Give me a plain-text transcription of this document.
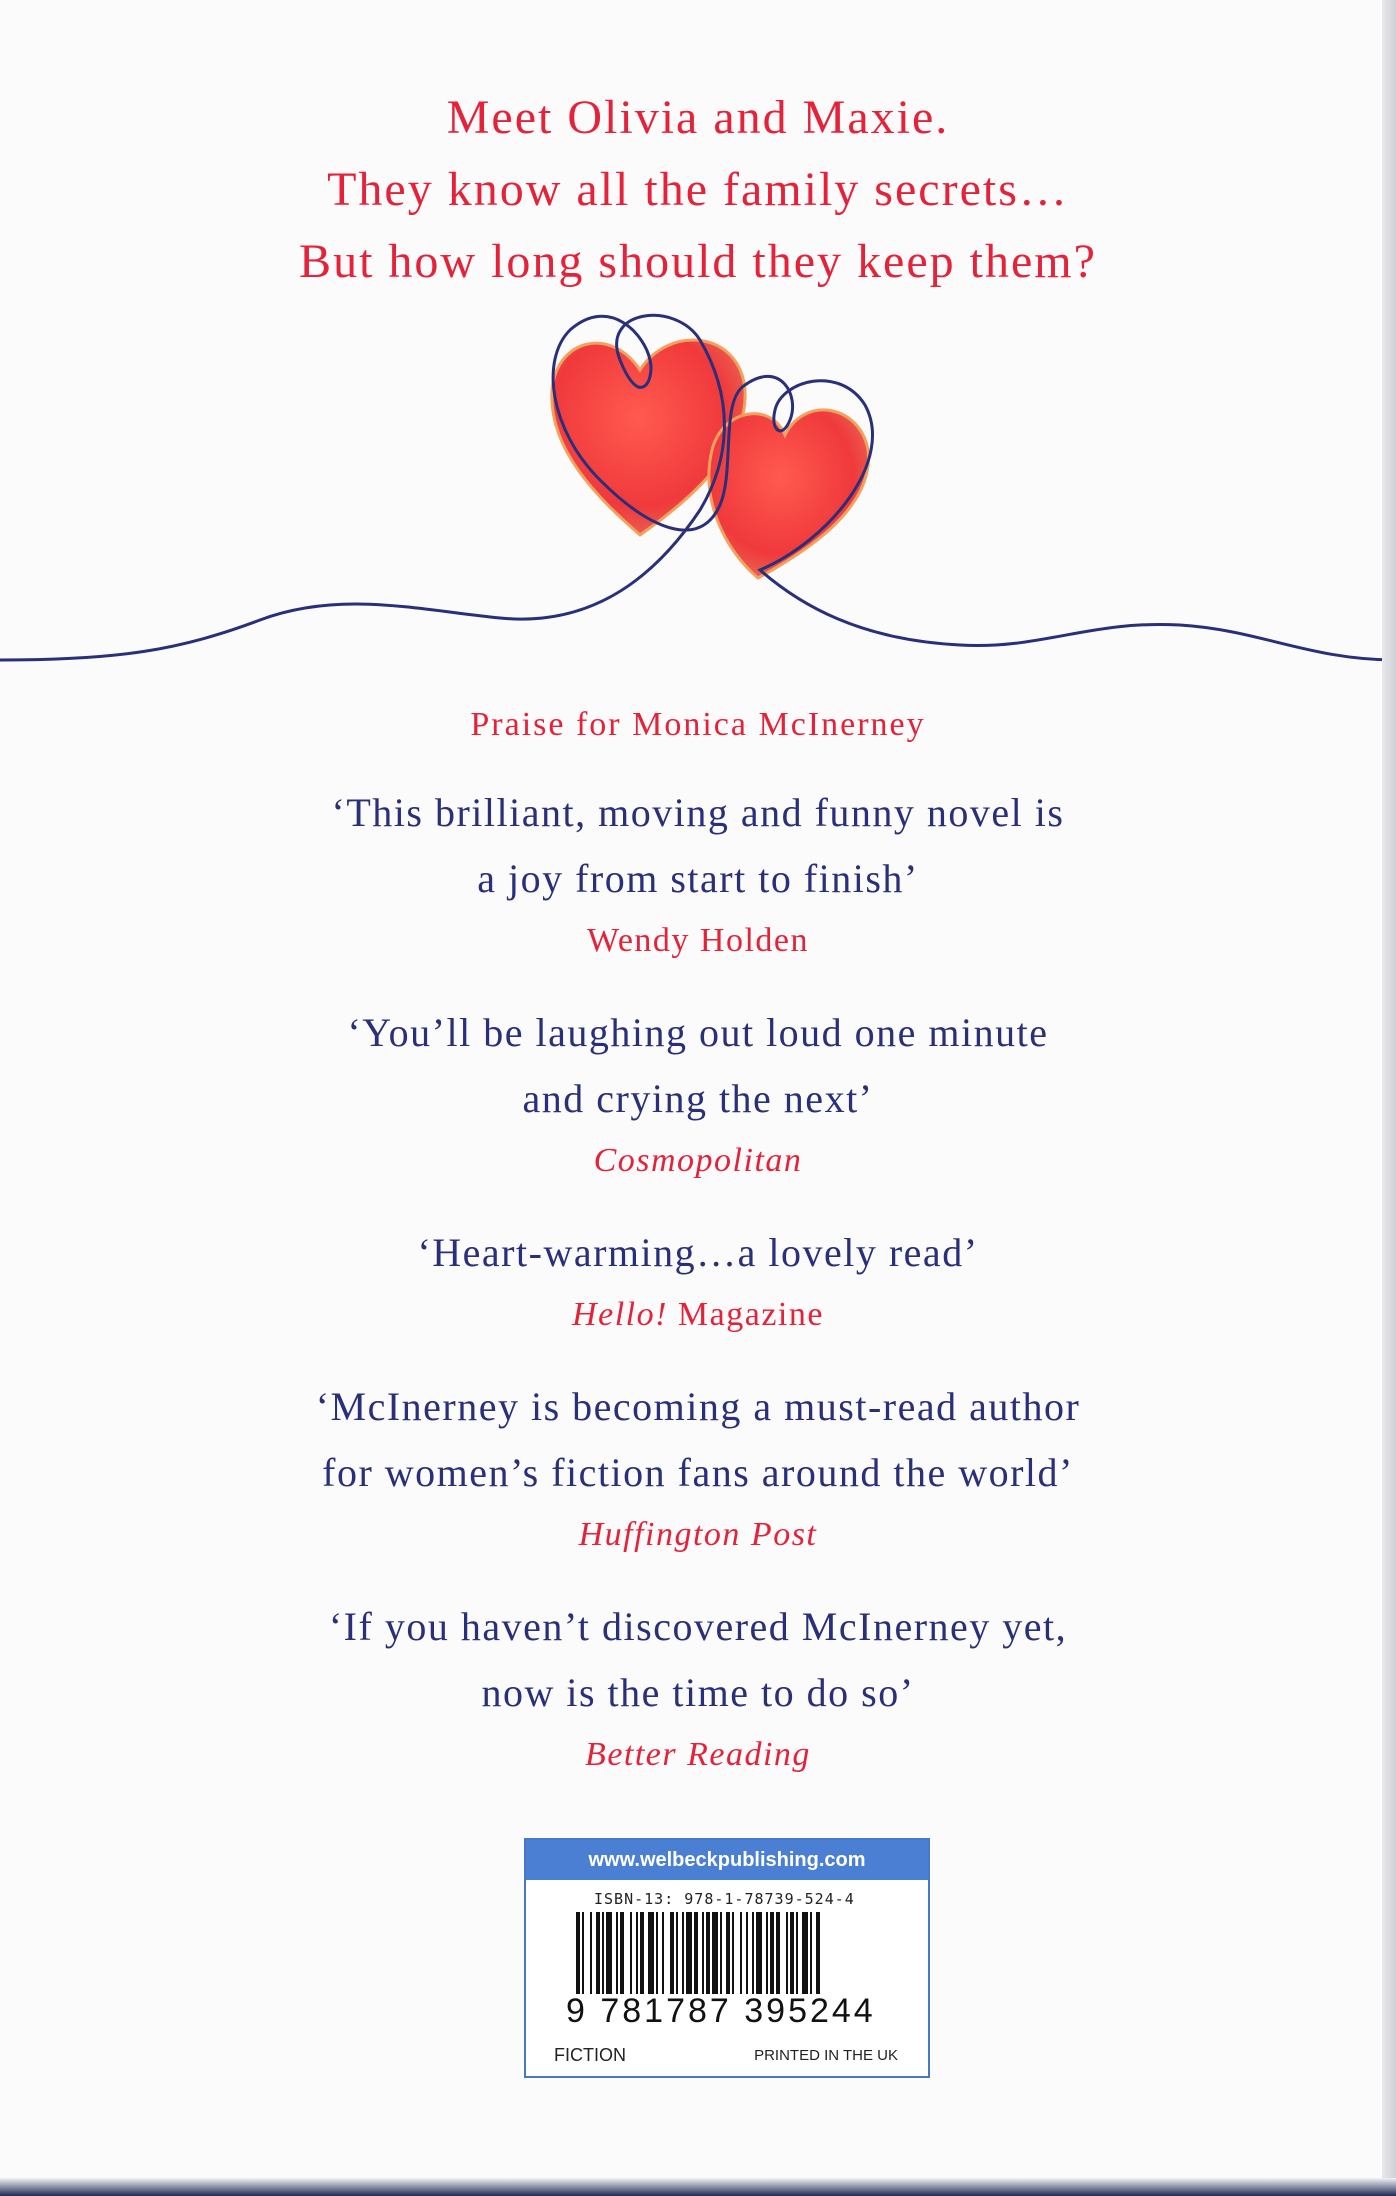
Meet Olivia and Maxie.
They know all the family secrets…
But how long should they keep them?
Praise for Monica McInerney
‘This brilliant, moving and funny novel is
a joy from start to finish’
Wendy Holden
‘You’ll be laughing out loud one minute
and crying the next’
Cosmopolitan
‘Heart-warming…a lovely read’
Hello! Magazine
‘McInerney is becoming a must-read author
for women’s fiction fans around the world’
Huffington Post
‘If you haven’t discovered McInerney yet,
now is the time to do so’
Better Reading
www.welbeckpublishing.com
ISBN-13: 978-1-78739-524-4
9 781787 395244
FICTION	PRINTED IN THE UK
